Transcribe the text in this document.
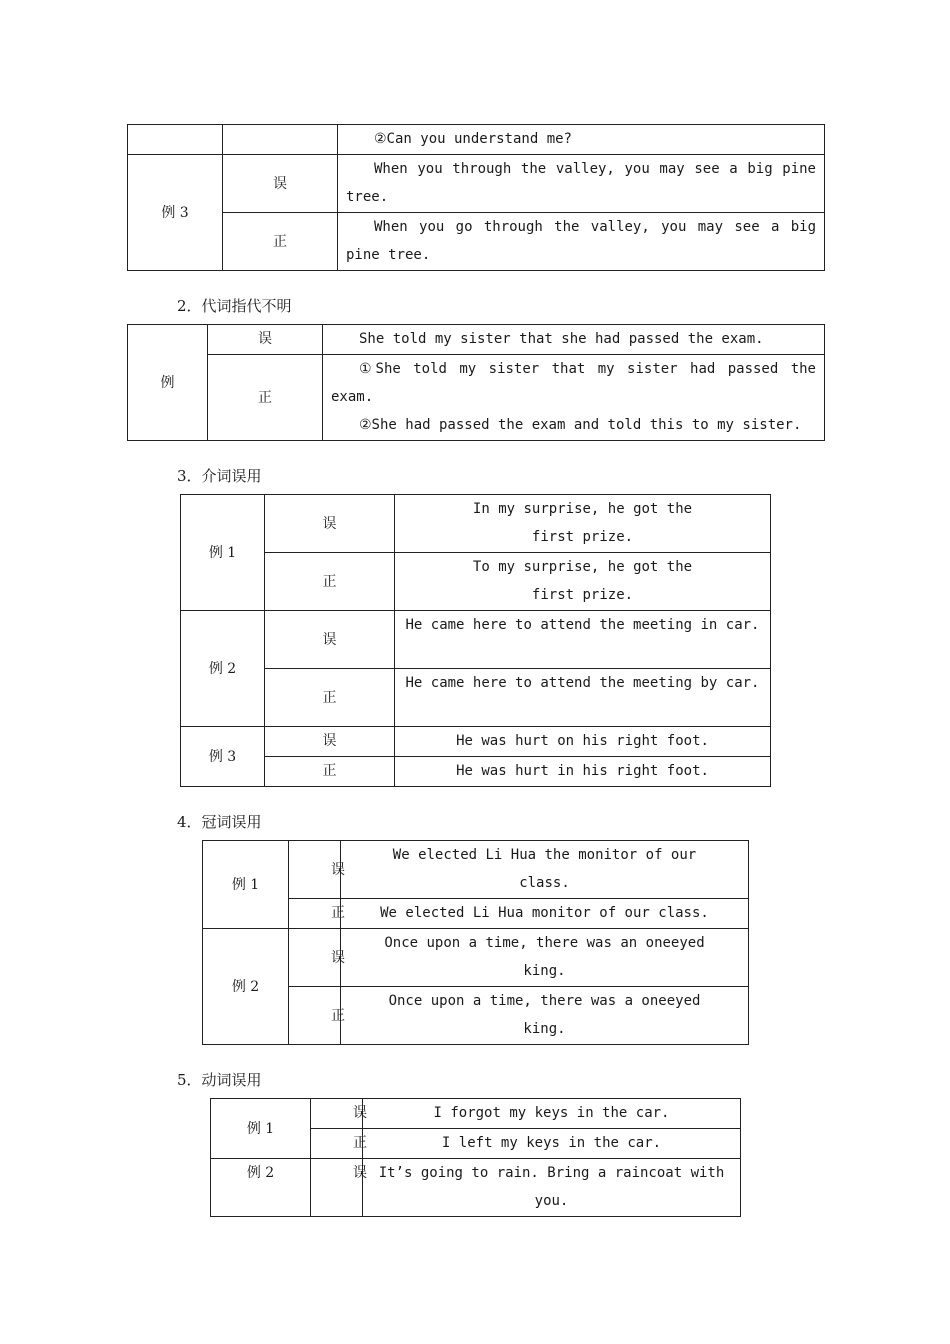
		②Can you understand me?
例 3	误	When you through the valley, you may see a big pine tree.
	正	When you go through the valley, you may see a big pine tree.
2．代词指代不明
例	误	She told my sister that she had passed the exam.
	正	①She told my sister that my sister had passed the exam.
②She had passed the exam and told this to my sister.
3．介词误用
例 1	误	In my surprise, he got the first prize.
	正	To my surprise, he got the first prize.
例 2	误	He came here to attend the meeting in car.
	正	He came here to attend the meeting by car.
例 3	误	He was hurt on his right foot.
	正	He was hurt in his right foot.
4．冠词误用
例 1	误	We elected Li Hua the monitor of our class.
	正	We elected Li Hua monitor of our class.
例 2	误	Once upon a time, there was an oneeyed king.
	正	Once upon a time, there was a oneeyed king.
5．动词误用
例 1	误	I forgot my keys in the car.
	正	I left my keys in the car.
例 2	误	It’s going to rain. Bring a raincoat with you.
